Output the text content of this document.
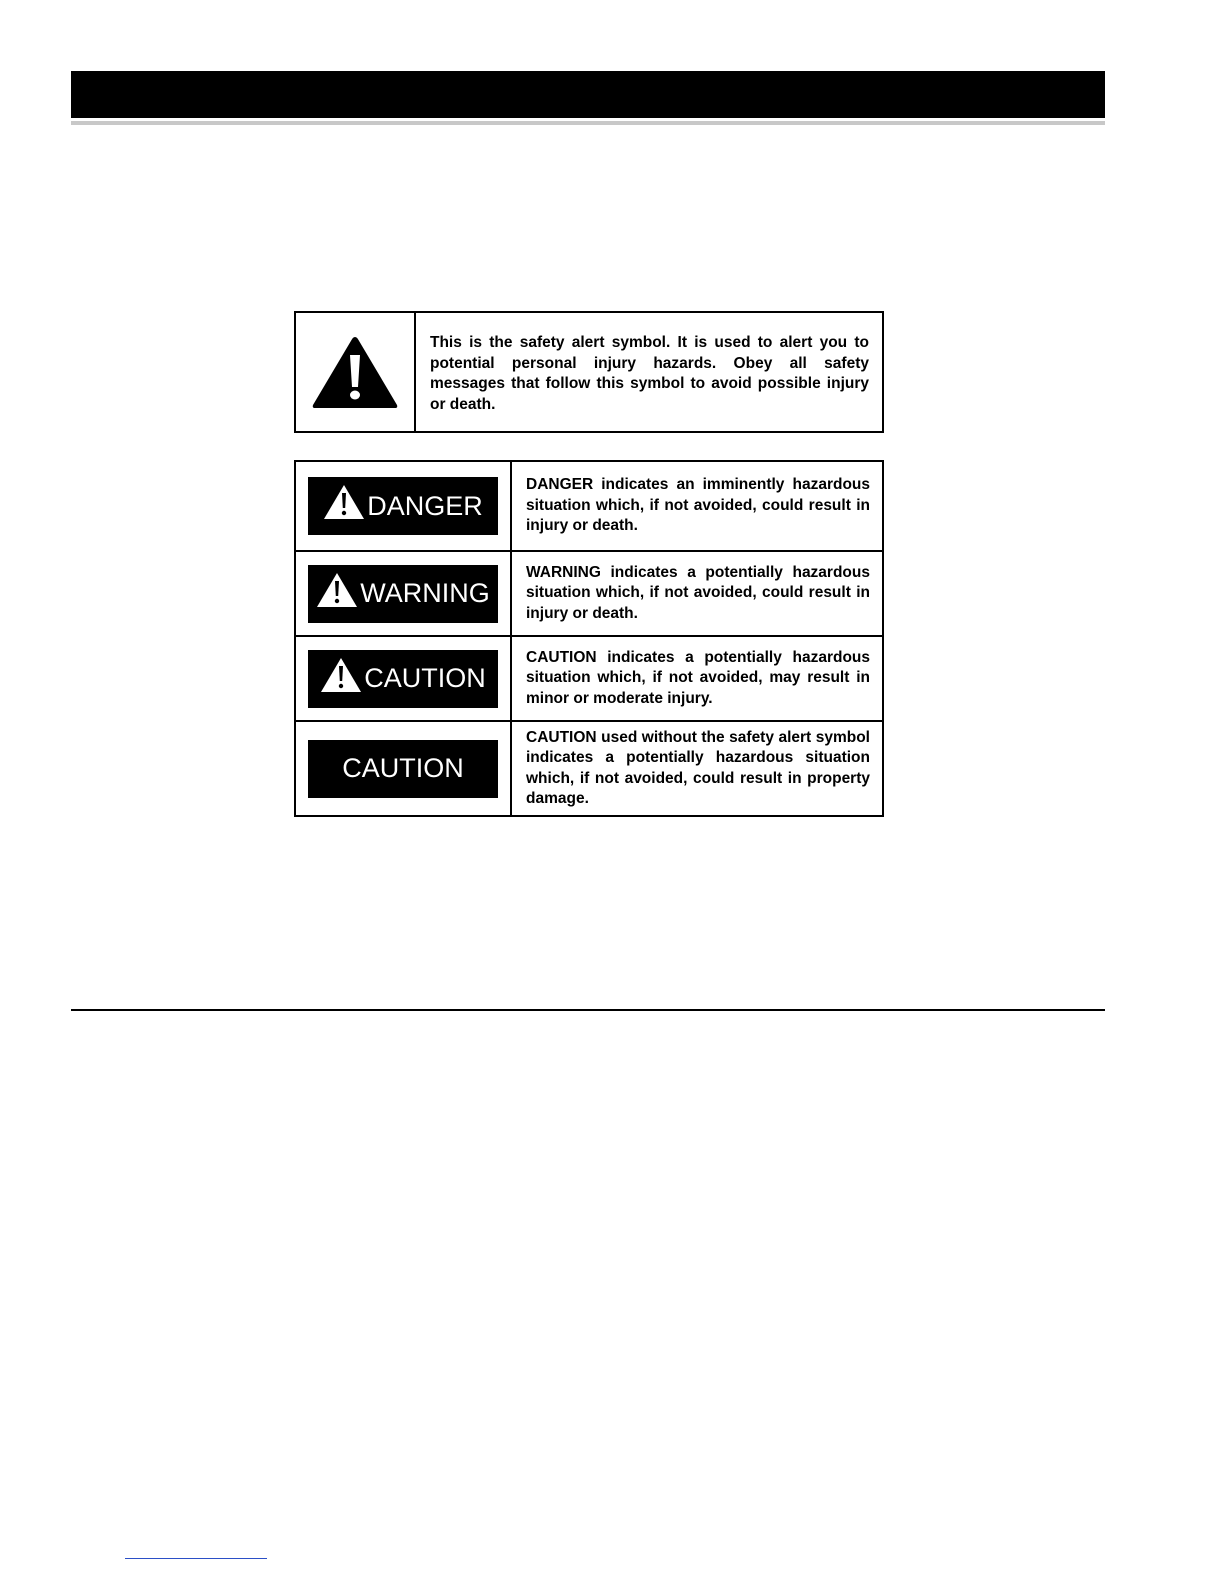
This is the safety alert symbol. It is used to alert you to potential personal injury hazards. Obey all safety messages that follow this symbol to avoid possible injury or death.
DANGER
DANGER indicates an imminently hazardous situation which, if not avoided, could result in injury or death.
WARNING
WARNING indicates a potentially hazardous situation which, if not avoided, could result in injury or death.
CAUTION
CAUTION indicates a potentially hazardous situation which, if not avoided, may result in minor or moderate injury.
CAUTION
CAUTION used without the safety alert symbol indicates a potentially hazardous situation which, if not avoided, could result in property damage.
